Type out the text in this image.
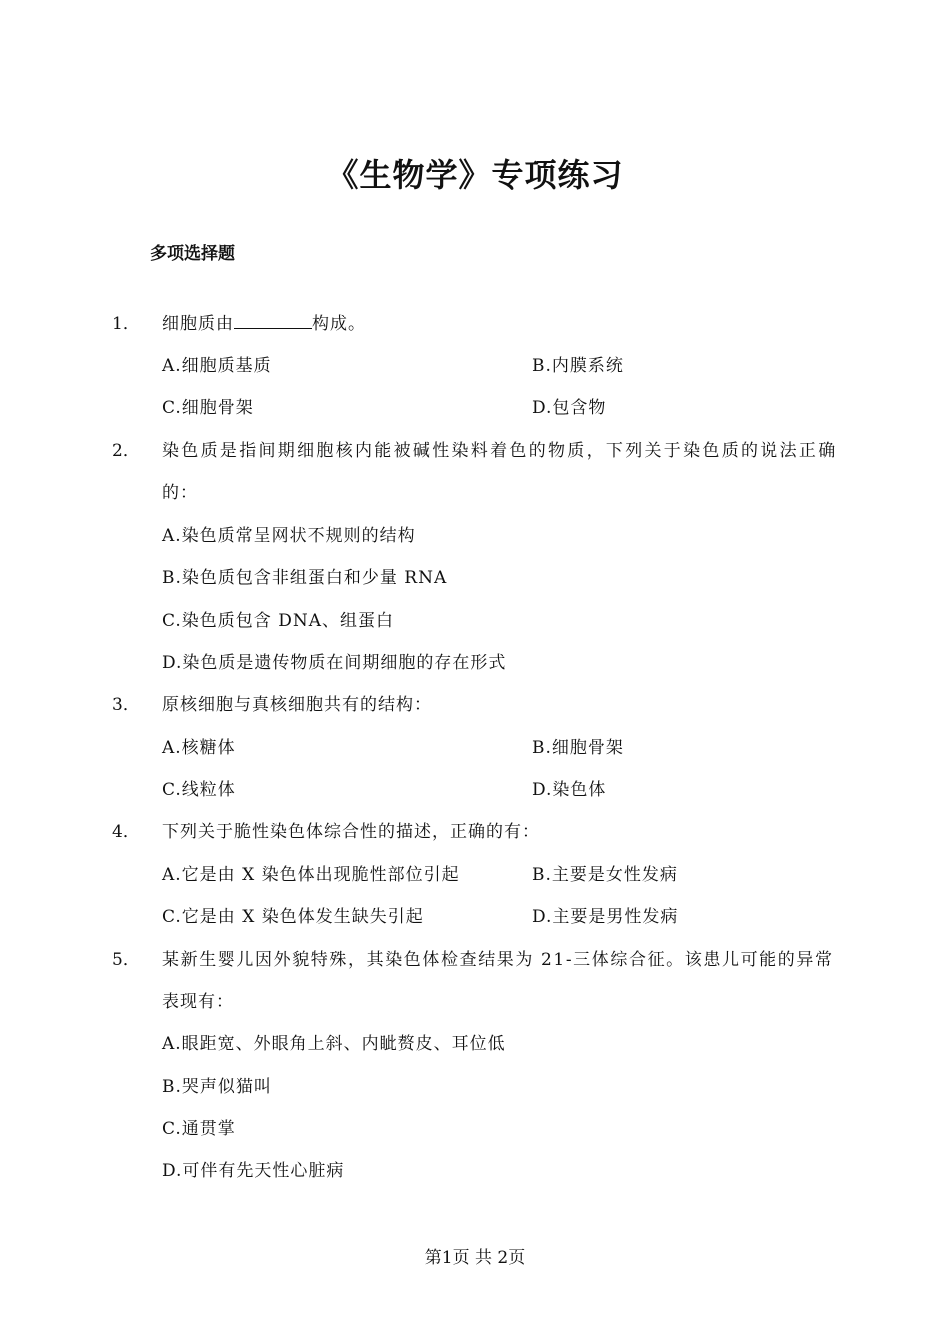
《生物学》专项练习
多项选择题
1． 细胞质由	构成。
A.细胞质基质	B.内膜系统
C.细胞骨架	D.包含物
2． 染色质是指间期细胞核内能被碱性染料着色的物质，下列关于染色质的说法正确
的：
A.染色质常呈网状不规则的结构
B.染色质包含非组蛋白和少量 RNA
C.染色质包含 DNA、组蛋白
D.染色质是遗传物质在间期细胞的存在形式
3． 原核细胞与真核细胞共有的结构：
A.核糖体	B.细胞骨架
C.线粒体	D.染色体
4． 下列关于脆性染色体综合性的描述，正确的有：
A.它是由 X 染色体出现脆性部位引起	B.主要是女性发病
C.它是由 X 染色体发生缺失引起	D.主要是男性发病
5． 某新生婴儿因外貌特殊，其染色体检查结果为 21-三体综合征。该患儿可能的异常
表现有：
A.眼距宽、外眼角上斜、内眦赘皮、耳位低
B.哭声似猫叫
C.通贯掌
D.可伴有先天性心脏病
第1页 共 2页
